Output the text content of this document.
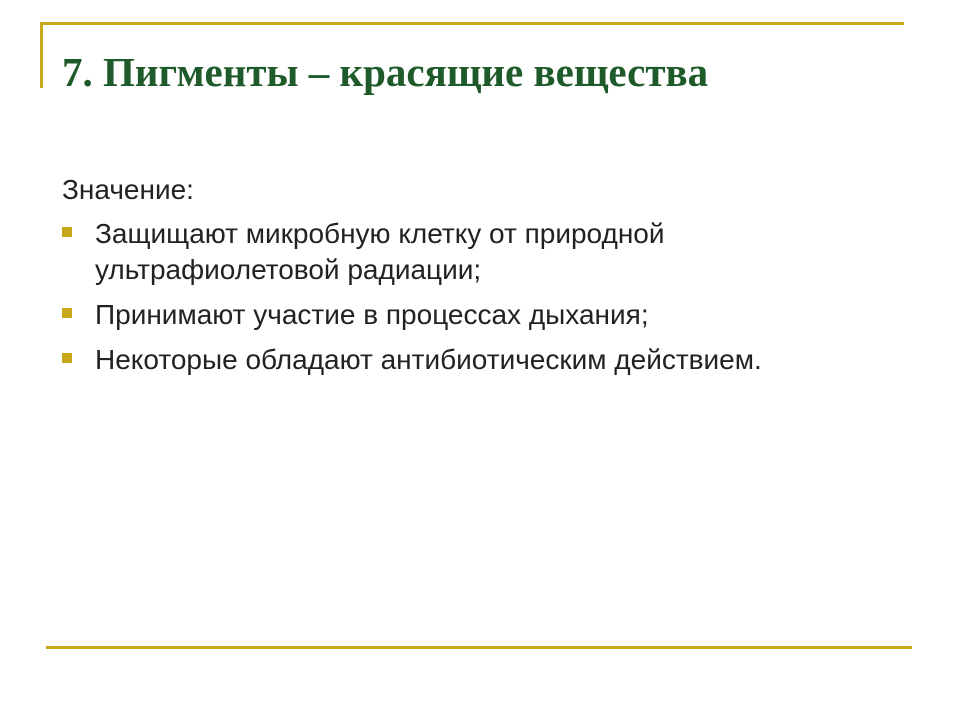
7. Пигменты – красящие вещества

Значение:

Защищают микробную клетку от природной ультрафиолетовой радиации;
Принимают участие в процессах дыхания;
Некоторые обладают антибиотическим действием.
